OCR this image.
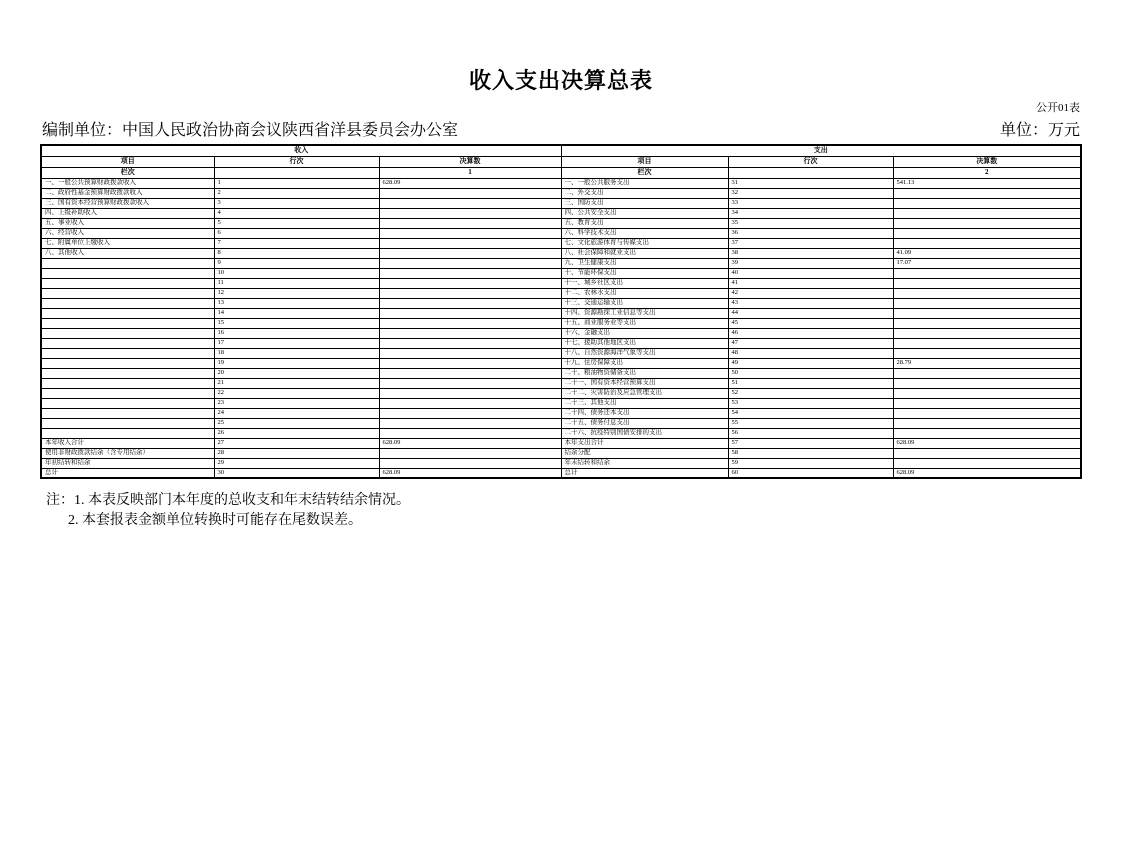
收入支出决算总表
公开01表
编制单位：中国人民政治协商会议陕西省洋县委员会办公室	单位：万元
收入			支出		
项目	行次	决算数	项目	行次	决算数
栏次		1	栏次		2
一、一般公共预算财政拨款收入	1	628.09	一、一般公共服务支出	31	541.13
二、政府性基金预算财政拨款收入	2		二、外交支出	32	
三、国有资本经营预算财政拨款收入	3		三、国防支出	33	
四、上级补助收入	4		四、公共安全支出	34	
五、事业收入	5		五、教育支出	35	
六、经营收入	6		六、科学技术支出	36	
七、附属单位上缴收入	7		七、文化旅游体育与传媒支出	37	
八、其他收入	8		八、社会保障和就业支出	38	41.09
	9		九、卫生健康支出	39	17.07
	10		十、节能环保支出	40	
	11		十一、城乡社区支出	41	
	12		十二、农林水支出	42	
	13		十三、交通运输支出	43	
	14		十四、资源勘探工业信息等支出	44	
	15		十五、商业服务业等支出	45	
	16		十六、金融支出	46	
	17		十七、援助其他地区支出	47	
	18		十八、自然资源海洋气象等支出	48	
	19		十九、住房保障支出	49	28.79
	20		二十、粮油物资储备支出	50	
	21		二十一、国有资本经营预算支出	51	
	22		二十二、灾害防治及应急管理支出	52	
	23		二十三、其他支出	53	
	24		二十四、债务还本支出	54	
	25		二十五、债务付息支出	55	
	26		二十六、抗疫特别国债安排的支出	56	
本年收入合计	27	628.09	本年支出合计	57	628.09
使用非财政拨款结余（含专用结余）	28		结余分配	58	
年初结转和结余	29		年末结转和结余	59	
总计	30	628.09	总计	60	628.09
注：1. 本表反映部门本年度的总收支和年末结转结余情况。
2. 本套报表金额单位转换时可能存在尾数误差。
